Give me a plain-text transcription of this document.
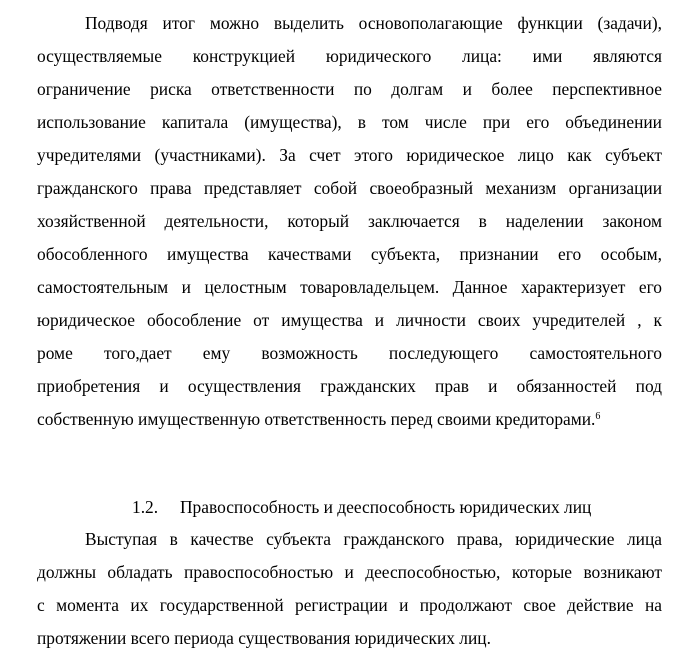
Подводя итог можно выделить основополагающие функции (задачи),
осуществляемые конструкцией юридического лица: ими являются
ограничение риска ответственности по долгам и более перспективное
использование капитала (имущества), в том числе при его объединении
учредителями (участниками). За счет этого юридическое лицо как субъект
гражданского права представляет собой своеобразный механизм организации
хозяйственной деятельности, который заключается в наделении законом
обособленного имущества качествами субъекта, признании его особым,
самостоятельным и целостным товаровладельцем. Данное характеризует его
юридическое обособление от имущества и личности своих учредителей , к
роме того,дает ему возможность последующего самостоятельного
приобретения и осуществления гражданских прав и обязанностей под
собственную имущественную ответственность перед своими кредиторами.$^6$
1.2. Правоспособность и дееспособность юридических лиц
Выступая в качестве субъекта гражданского права, юридические лица
должны обладать правоспособностью и дееспособностью, которые возникают
с момента их государственной регистрации и продолжают свое действие на
протяжении всего периода существования юридических лиц.
